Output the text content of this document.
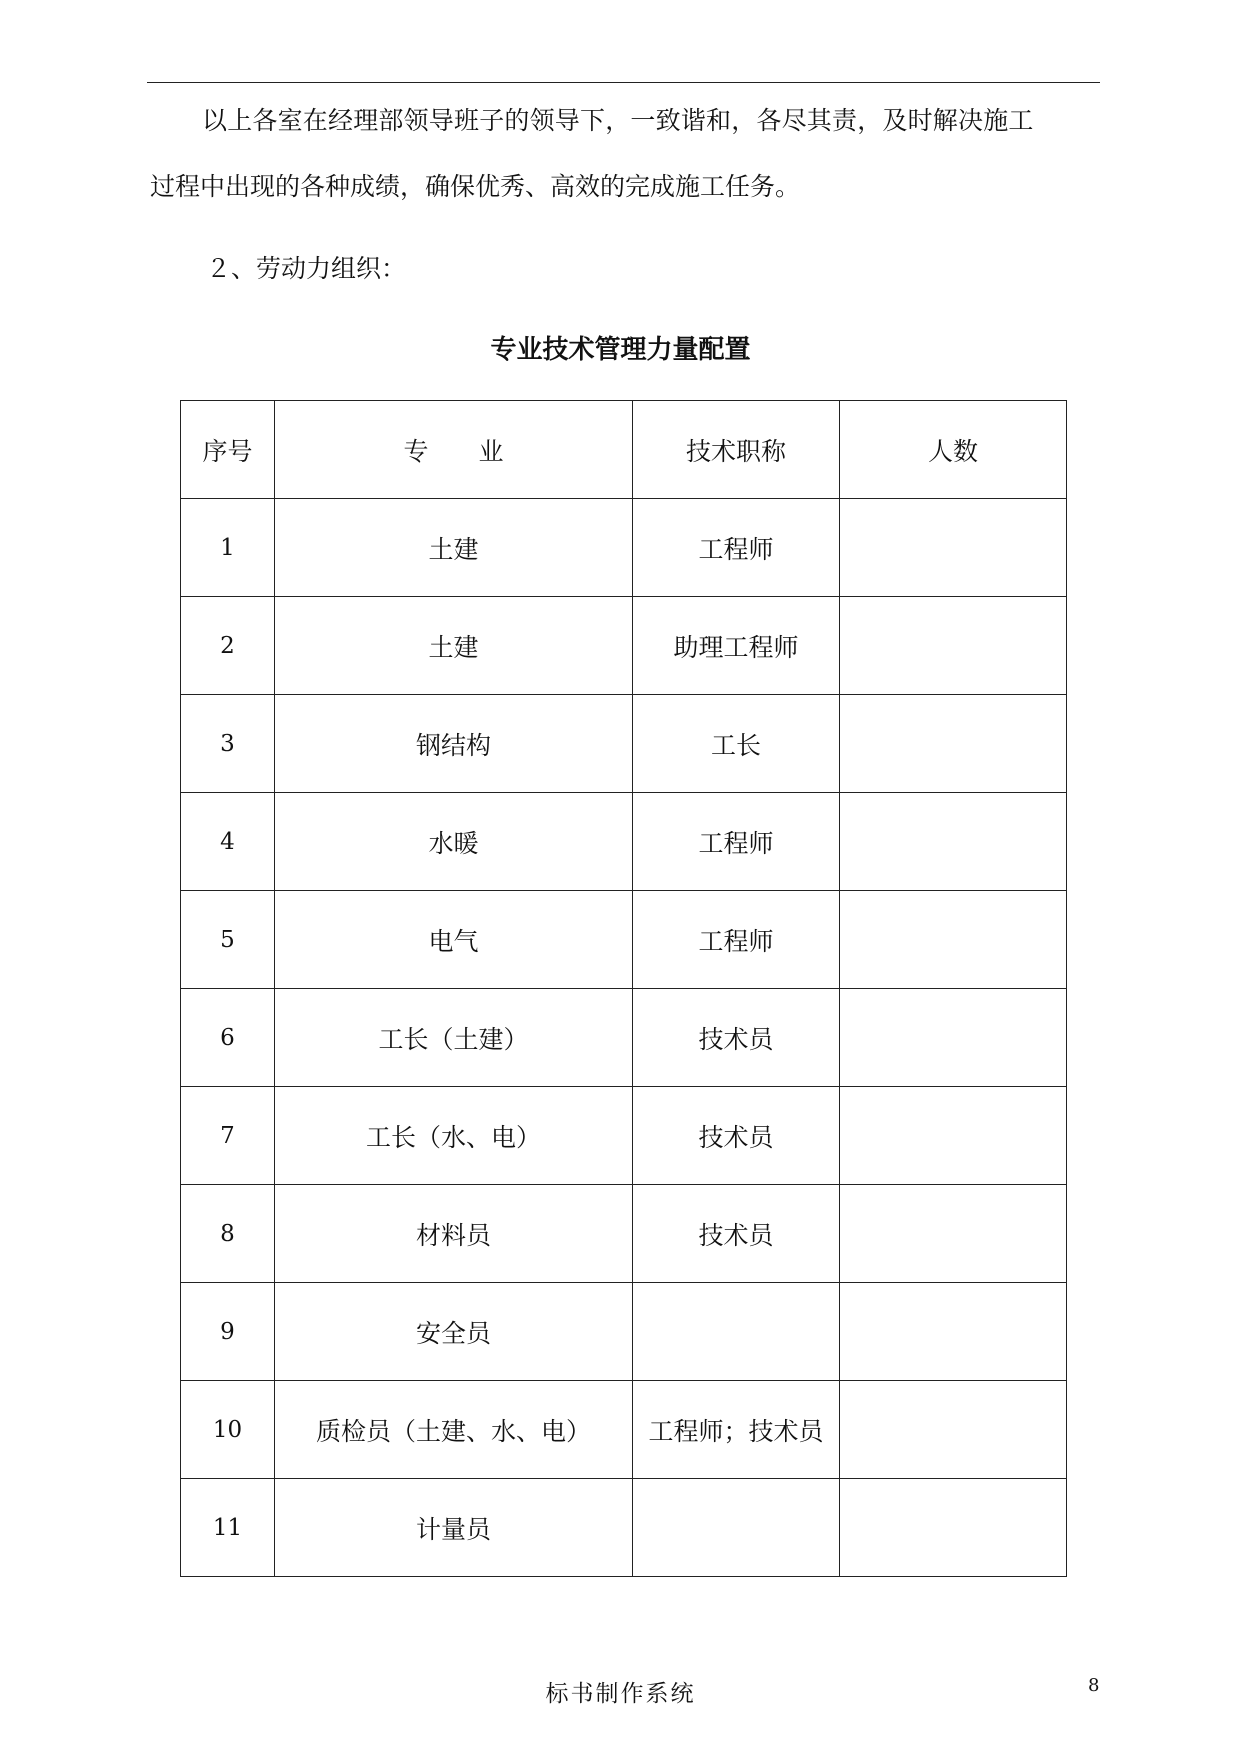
以上各室在经理部领导班子的领导下，一致谐和，各尽其责，及时解决施工

过程中出现的各种成绩，确保优秀、高效的完成施工任务。

２、劳动力组织：

专业技术管理力量配置

序号	专　　业	技术职称	人数
1	土建	工程师	
2	土建	助理工程师	
3	钢结构	工长	
4	水暖	工程师	
5	电气	工程师	
6	工长（土建）	技术员	
7	工长（水、电）	技术员	
8	材料员	技术员	
9	安全员		
10	质检员（土建、水、电）	工程师；技术员	
11	计量员		
标书制作系统	8
